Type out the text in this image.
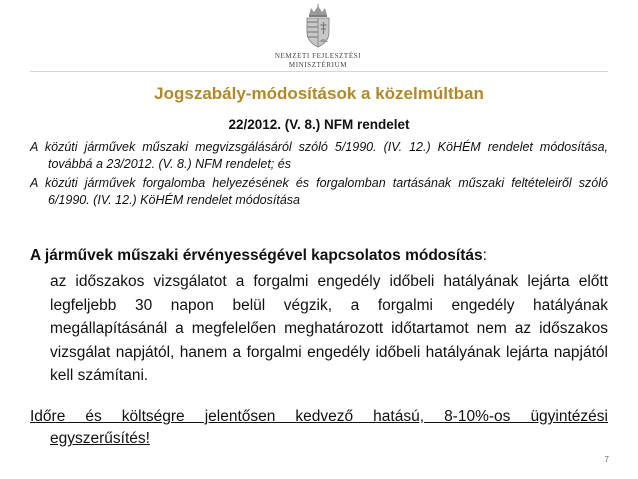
NEMZETI FEJLESZTÉSI
MINISZTÉRIUM
Jogszabály-módosítások a közelmúltban
22/2012. (V. 8.) NFM rendelet

A közúti járművek műszaki megvizsgálásáról szóló 5/1990. (IV. 12.) KöHÉM rendelet módosítása, továbbá a 23/2012. (V. 8.) NFM rendelet; és

A közúti járművek forgalomba helyezésének és forgalomban tartásának műszaki feltételeiről szóló 6/1990. (IV. 12.) KöHÉM rendelet módosítása

A járművek műszaki érvényességével kapcsolatos módosítás:

az időszakos vizsgálatot a forgalmi engedély időbeli hatályának lejárta előtt legfeljebb 30 napon belül végzik, a forgalmi engedély hatályának megállapításánál a megfelelően meghatározott időtartamot nem az időszakos vizsgálat napjától, hanem a forgalmi engedély időbeli hatályának lejárta napjától kell számítani.

Időre és költségre jelentősen kedvező hatású, 8-10%-os ügyintézési
egyszerűsítés!
7
